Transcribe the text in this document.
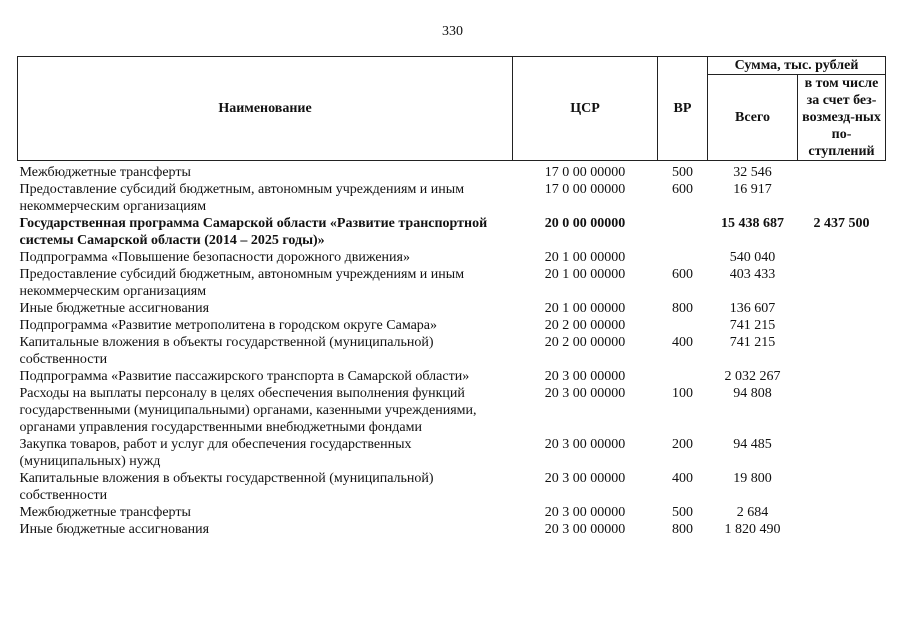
330
Наименование	ЦСР	ВР	Сумма, тыс. рублей	
			Всего	в том числе за счет без-возмезд-ных по-ступлений
Межбюджетные трансферты	17 0 00 00000	500	32 546	
Предоставление субсидий бюджетным, автономным учреждениям и иным некоммерческим организациям	17 0 00 00000	600	16 917	
Государственная программа Самарской области «Развитие транспортной системы Самарской области (2014 – 2025 годы)»	20 0 00 00000		15 438 687	2 437 500
Подпрограмма «Повышение безопасности дорожного движения»	20 1 00 00000		540 040	
Предоставление субсидий бюджетным, автономным учреждениям и иным некоммерческим организациям	20 1 00 00000	600	403 433	
Иные бюджетные ассигнования	20 1 00 00000	800	136 607	
Подпрограмма «Развитие метрополитена в городском округе Самара»	20 2 00 00000		741 215	
Капитальные вложения в объекты государственной (муниципальной) собственности	20 2 00 00000	400	741 215	
Подпрограмма «Развитие пассажирского транспорта в Самарской области»	20 3 00 00000		2 032 267	
Расходы на выплаты персоналу в целях обеспечения выполнения функций государственными (муниципальными) органами, казенными учреждениями, органами управления государственными внебюджетными фондами	20 3 00 00000	100	94 808	
Закупка товаров, работ и услуг для обеспечения государственных (муниципальных) нужд	20 3 00 00000	200	94 485	
Капитальные вложения в объекты государственной (муниципальной) собственности	20 3 00 00000	400	19 800	
Межбюджетные трансферты	20 3 00 00000	500	2 684	
Иные бюджетные ассигнования	20 3 00 00000	800	1 820 490	
